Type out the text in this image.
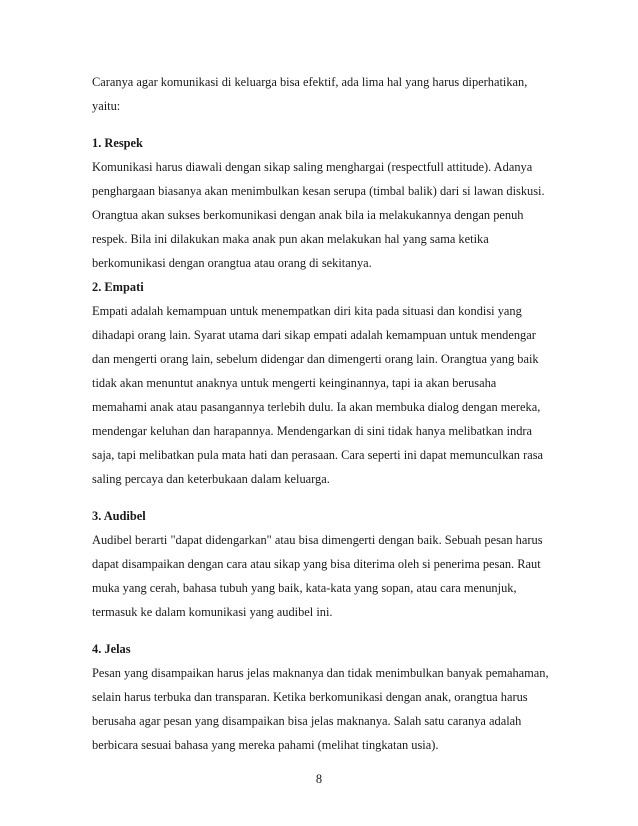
Caranya agar komunikasi di keluarga bisa efektif, ada lima hal yang harus diperhatikan, yaitu:

1. Respek

Komunikasi harus diawali dengan sikap saling menghargai (respectfull attitude). Adanya penghargaan biasanya akan menimbulkan kesan serupa (timbal balik) dari si lawan diskusi. Orangtua akan sukses berkomunikasi dengan anak bila ia melakukannya dengan penuh respek. Bila ini dilakukan maka anak pun akan melakukan hal yang sama ketika berkomunikasi dengan orangtua atau orang di sekitanya.

2. Empati

Empati adalah kemampuan untuk menempatkan diri kita pada situasi dan kondisi yang dihadapi orang lain. Syarat utama dari sikap empati adalah kemampuan untuk mendengar dan mengerti orang lain, sebelum didengar dan dimengerti orang lain. Orangtua yang baik tidak akan menuntut anaknya untuk mengerti keinginannya, tapi ia akan berusaha memahami anak atau pasangannya terlebih dulu. Ia akan membuka dialog dengan mereka, mendengar keluhan dan harapannya. Mendengarkan di sini tidak hanya melibatkan indra saja, tapi melibatkan pula mata hati dan perasaan. Cara seperti ini dapat memunculkan rasa saling percaya dan keterbukaan dalam keluarga.

3. Audibel

Audibel berarti "dapat didengarkan" atau bisa dimengerti dengan baik. Sebuah pesan harus dapat disampaikan dengan cara atau sikap yang bisa diterima oleh si penerima pesan. Raut muka yang cerah, bahasa tubuh yang baik, kata-kata yang sopan, atau cara menunjuk, termasuk ke dalam komunikasi yang audibel ini.

4. Jelas

Pesan yang disampaikan harus jelas maknanya dan tidak menimbulkan banyak pemahaman, selain harus terbuka dan transparan. Ketika berkomunikasi dengan anak, orangtua harus berusaha agar pesan yang disampaikan bisa jelas maknanya. Salah satu caranya adalah berbicara sesuai bahasa yang mereka pahami (melihat tingkatan usia).

8
